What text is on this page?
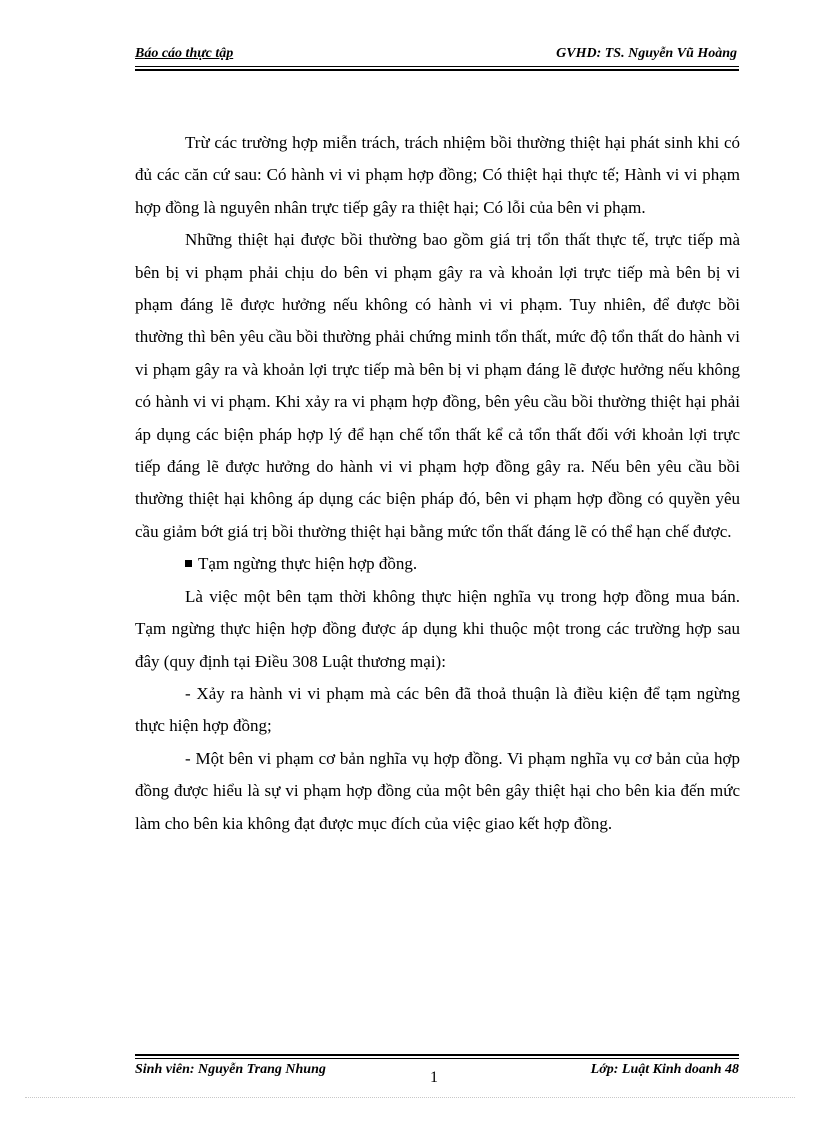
Báo cáo thực tập	GVHD: TS. Nguyễn Vũ Hoàng

Trừ các trường hợp miễn trách, trách nhiệm bồi thường thiệt hại phát sinh khi có đủ các căn cứ sau: Có hành vi vi phạm hợp đồng; Có thiệt hại thực tế; Hành vi vi phạm hợp đồng là nguyên nhân trực tiếp gây ra thiệt hại; Có lỗi của bên vi phạm.

Những thiệt hại được bồi thường bao gồm giá trị tổn thất thực tế, trực tiếp mà bên bị vi phạm phải chịu do bên vi phạm gây ra và khoản lợi trực tiếp mà bên bị vi phạm đáng lẽ được hưởng nếu không có hành vi vi phạm. Tuy nhiên, để được bồi thường thì bên yêu cầu bồi thường phải chứng minh tổn thất, mức độ tổn thất do hành vi vi phạm gây ra và khoản lợi trực tiếp mà bên bị vi phạm đáng lẽ được hưởng nếu không có hành vi vi phạm. Khi xảy ra vi phạm hợp đồng, bên yêu cầu bồi thường thiệt hại phải áp dụng các biện pháp hợp lý để hạn chế tổn thất kể cả tổn thất đối với khoản lợi trực tiếp đáng lẽ được hưởng do hành vi vi phạm hợp đồng gây ra. Nếu bên yêu cầu bồi thường thiệt hại không áp dụng các biện pháp đó, bên vi phạm hợp đồng có quyền yêu cầu giảm bớt giá trị bồi thường thiệt hại bằng mức tổn thất đáng lẽ có thể hạn chế được.

Tạm ngừng thực hiện hợp đồng.

Là việc một bên tạm thời không thực hiện nghĩa vụ trong hợp đồng mua bán. Tạm ngừng thực hiện hợp đồng được áp dụng khi thuộc một trong các trường hợp sau đây (quy định tại Điều 308 Luật thương mại):

- Xảy ra hành vi vi phạm mà các bên đã thoả thuận là điều kiện để tạm ngừng thực hiện hợp đồng;

- Một bên vi phạm cơ bản nghĩa vụ hợp đồng. Vi phạm nghĩa vụ cơ bản của hợp đồng được hiểu là sự vi phạm hợp đồng của một bên gây thiệt hại cho bên kia đến mức làm cho bên kia không đạt được mục đích của việc giao kết hợp đồng.

Sinh viên: Nguyễn Trang Nhung	1	Lớp: Luật Kinh doanh 48
